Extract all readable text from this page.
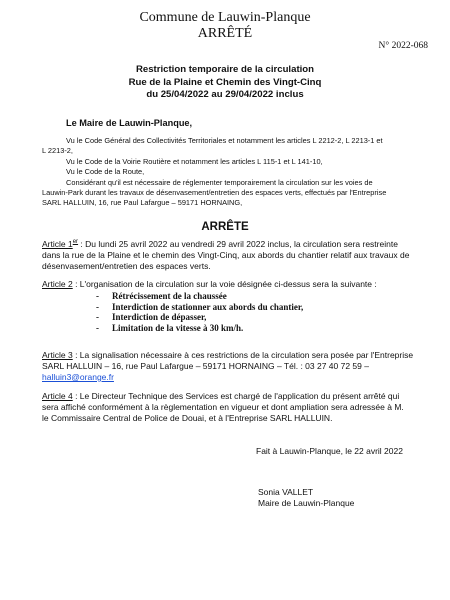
Commune de Lauwin-Planque
ARRÊTÉ
N° 2022-068
Restriction temporaire de la circulation
Rue de la Plaine et Chemin des Vingt-Cinq
du 25/04/2022 au 29/04/2022 inclus
Le Maire de Lauwin-Planque,

Vu le Code Général des Collectivités Territoriales et notamment les articles L 2212-2, L 2213-1 et

L 2213-2,

Vu le Code de la Voirie Routière et notamment les articles L 115-1 et L 141-10,

Vu le Code de la Route,

Considérant qu'il est nécessaire de réglementer temporairement la circulation sur les voies de

Lauwin-Park durant les travaux de désenvasement/entretien des espaces verts, effectués par l'Entreprise

SARL HALLUIN, 16, rue Paul Lafargue – 59171 HORNAING,

ARRÊTE

Article 1er : Du lundi 25 avril 2022 au vendredi 29 avril 2022 inclus, la circulation sera restreinte

dans la rue de la Plaine et le chemin des Vingt-Cinq, aux abords du chantier relatif aux travaux de

désenvasement/entretien des espaces verts.

Article 2 : L'organisation de la circulation sur la voie désignée ci-dessus sera la suivante :

-	Rétrécissement de la chaussée
-	Interdiction de stationner aux abords du chantier,
-	Interdiction de dépasser,
-	Limitation de la vitesse à 30 km/h.

Article 3 : La signalisation nécessaire à ces restrictions de la circulation sera posée par l'Entreprise

SARL HALLUIN – 16, rue Paul Lafargue – 59171 HORNAING – Tél. : 03 27 40 72 59 –

halluin3@orange.fr

Article 4 : Le Directeur Technique des Services est chargé de l'application du présent arrêté qui

sera affiché conformément à la règlementation en vigueur et dont ampliation sera adressée à M.

le Commissaire Central de Police de Douai, et à l'Entreprise SARL HALLUIN.

Fait à Lauwin-Planque, le 22 avril 2022
Sonia VALLET
Maire de Lauwin-Planque
